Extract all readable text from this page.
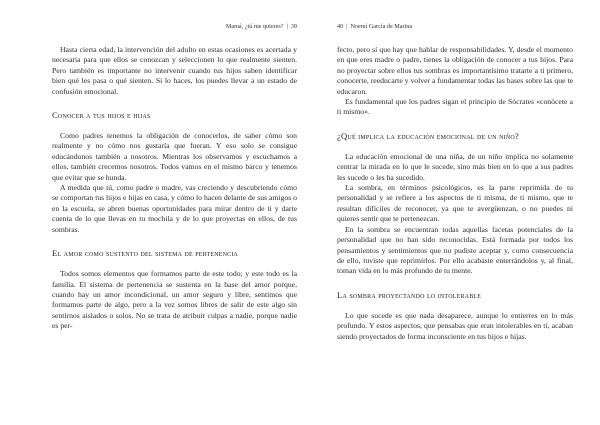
Mamá, ¿tú me quieres? | 39

Hasta cierta edad, la intervención del adulto en estas ocasiones es acertada y necesaria para que ellos se conozcan y seleccionen lo que realmente sienten. Pero también es importante no intervenir cuando tus hijos saben identificar bien qué les pasa o qué sienten. Si lo haces, los puedes llevar a un estado de confusión emocional.

Conocer a tus hijos e hijas

Como padres tenemos la obligación de conocerlos, de saber cómo son realmente y no cómo nos gustaría que fueran. Y eso solo se consigue educándonos también a nosotros. Mientras los observamos y escuchamos a ellos, también crecemos nosotros. Todos vamos en el mismo barco y tenemos que evitar que se hunda.

A medida que tú, como padre o madre, vas creciendo y descubriendo cómo se comportan tus hijos e hijas en casa, y cómo lo hacen delante de sus amigos o en la escuela, se abren buenas oportunidades para mirar dentro de ti y darte cuenta de lo que llevas en tu mochila y de lo que proyectas en ellos, de tus sombras.

El amor como sustento del sistema de pertenencia

Todos somos elementos que formamos parte de este todo; y este todo es la familia. El sistema de pertenencia se sustenta en la base del amor porque, cuando hay un amor incondicional, un amor seguro y libre, sentimos que formamos parte de algo, pero a la vez somos libres de salir de este algo sin sentirnos aislados o solos. No se trata de atribuir culpas a nadie, porque nadie es per-

40 | Noemí García de Marina

fecto, pero sí que hay que hablar de responsabilidades. Y, desde el momento en que eres madre o padre, tienes la obligación de conocer a tus hijos. Para no proyectar sobre ellos tus sombras es importantísimo tratarte a ti primero, conocerte, reeducarte y volver a fundamentar todas las bases sobre las que te educaron.

Es fundamental que los padres sigan el principio de Sócrates «conócete a ti mismo».

¿Qué implica la educación emocional de un niño?

La educación emocional de una niña, de un niño implica no solamente centrar la mirada en lo que le sucede, sino más bien en lo que a sus padres les sucede o les ha sucedido.

La sombra, en términos psicológicos, es la parte reprimida de tu personalidad y se refiere a los aspectos de ti misma, de ti mismo, que te resultan difíciles de reconocer, ya que te avergüenzan, o no puedes ni quieres sentir que te pertenezcan.

En la sombra se encuentran todas aquellas facetas potenciales de la personalidad que no han sido reconocidas. Está formada por todos los pensamientos y sentimientos que no pudiste aceptar y, como consecuencia de ello, tuviste que reprimirlos. Por ello acabaste enterrándolos y, al final, toman vida en lo más profundo de tu mente.

La sombra proyectando lo intolerable

Lo que sucede es que nada desaparece, aunque lo entierres en lo más profundo. Y estos aspectos, que pensabas que eran intolerables en ti, acaban siendo proyectados de forma inconsciente en tus hijos e hijas.
